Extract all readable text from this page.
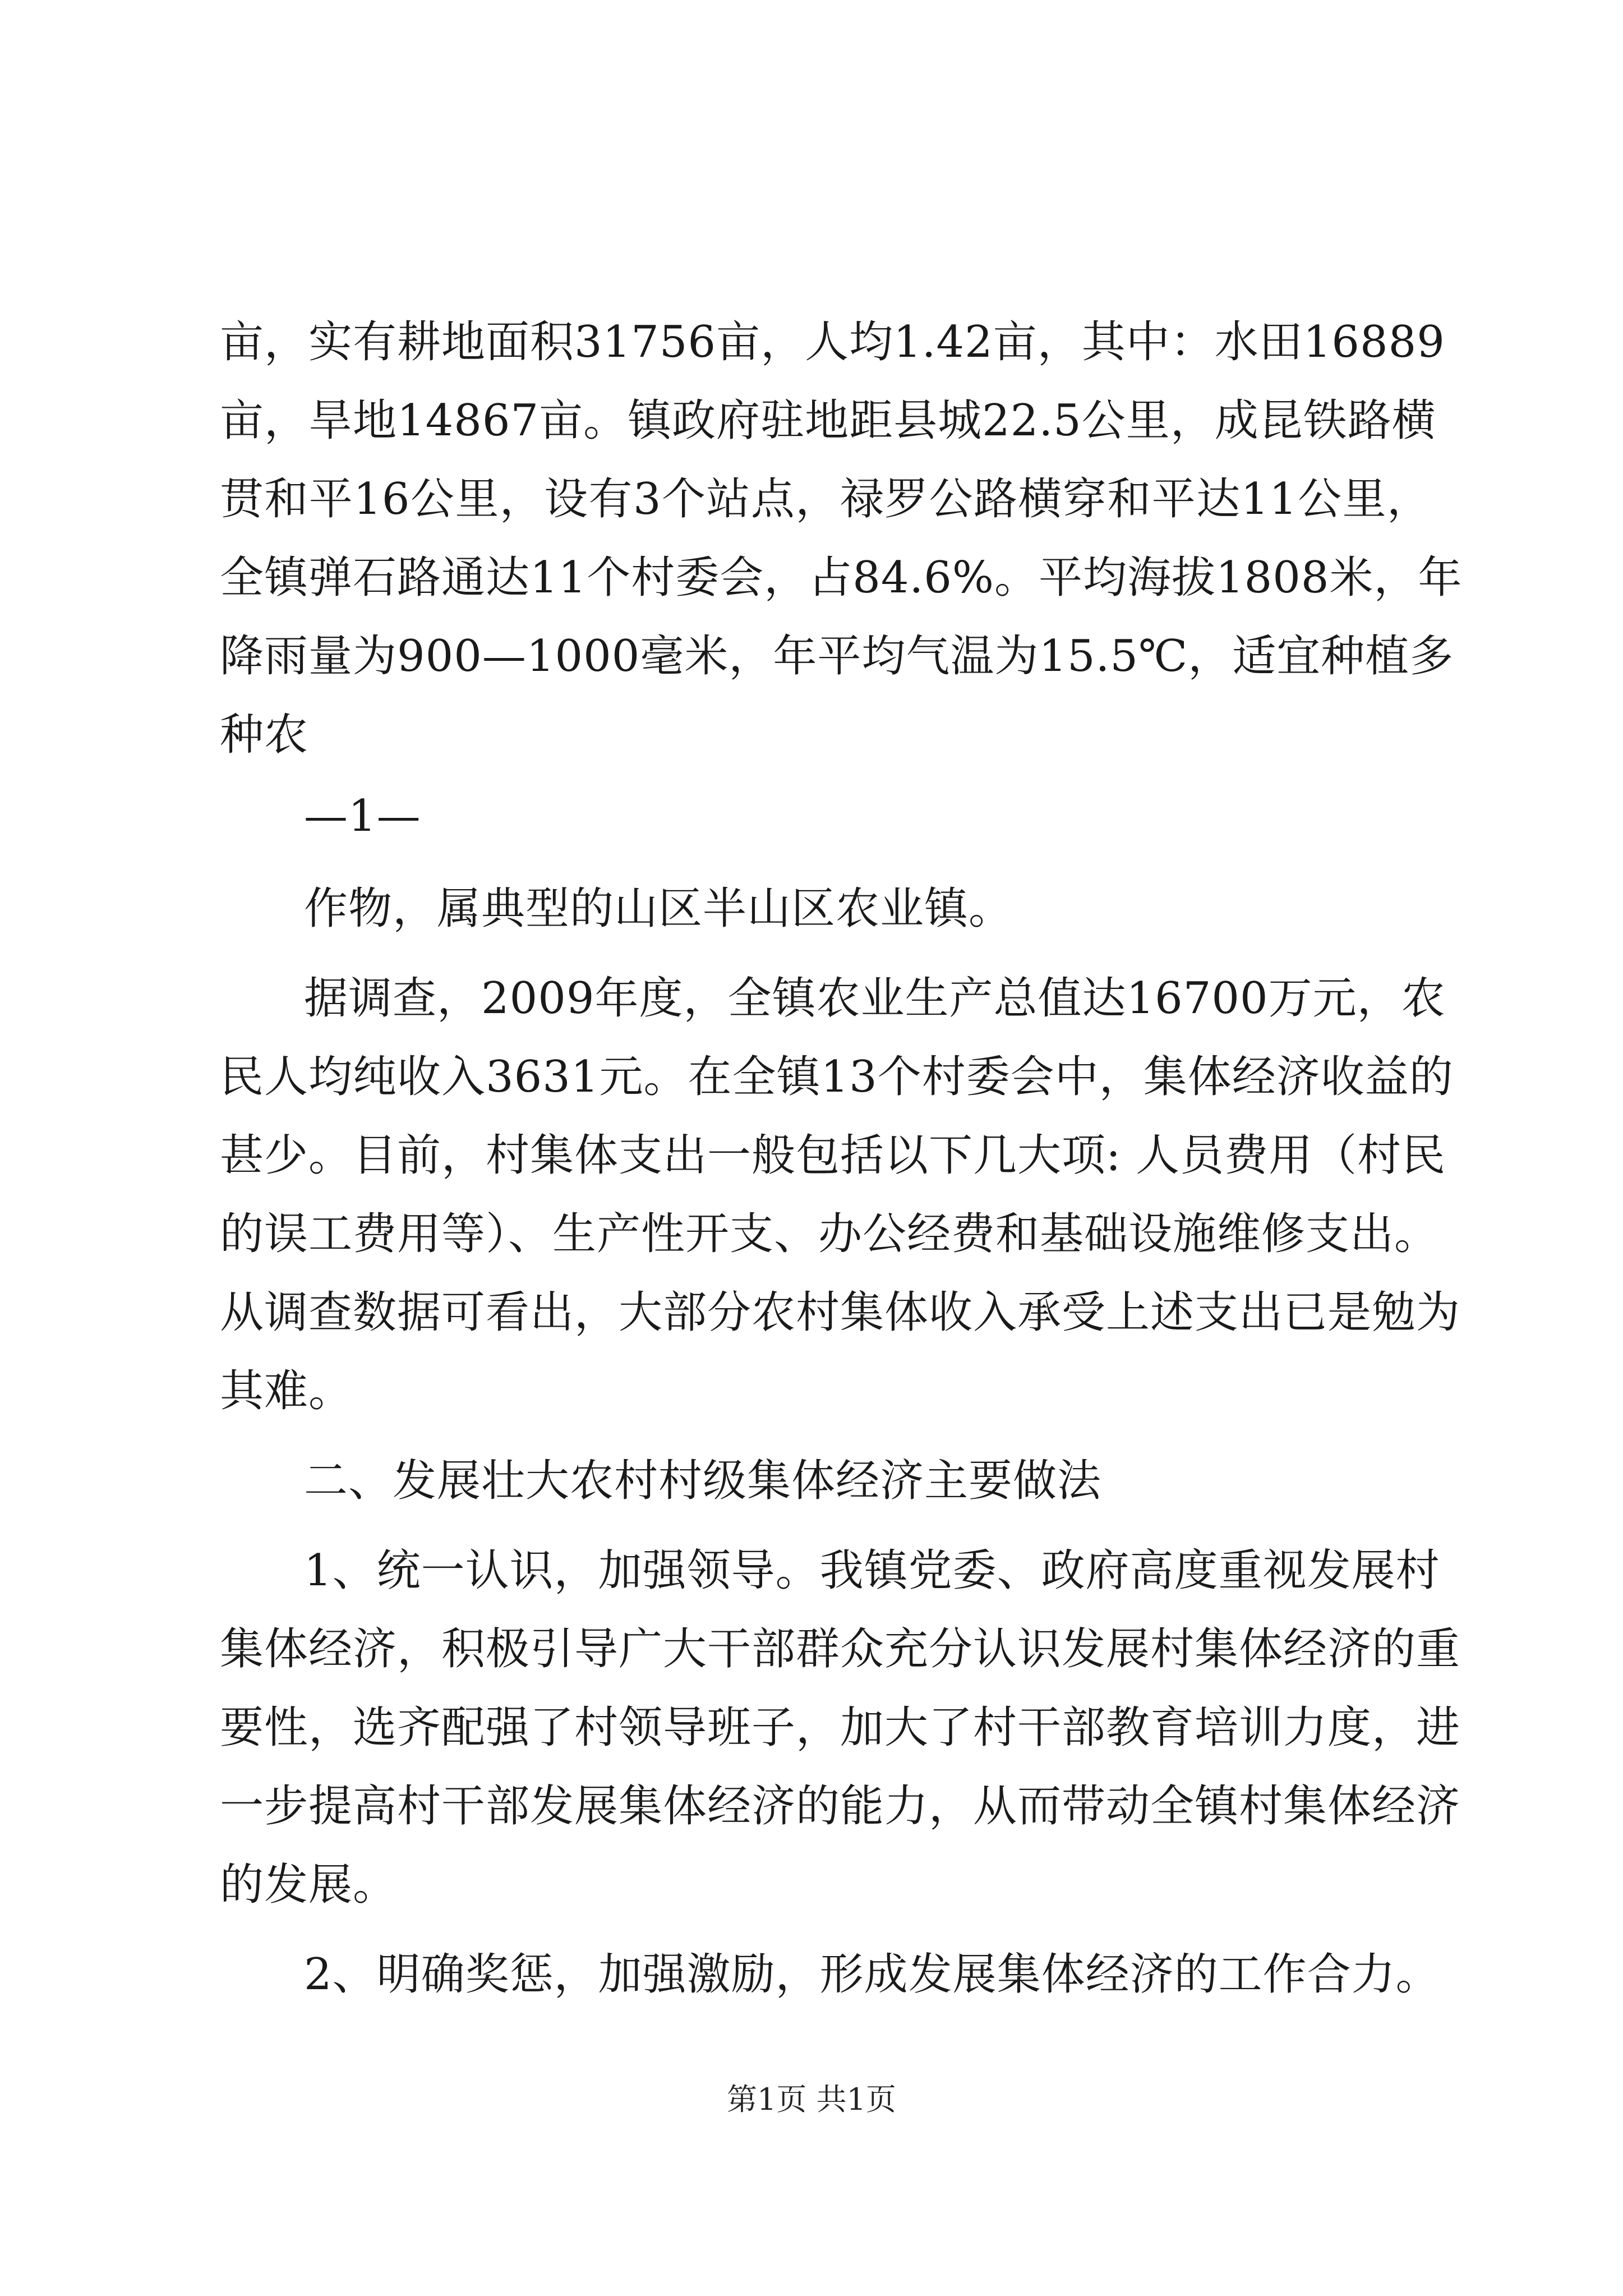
亩，实有耕地面积31756亩，人均1.42亩，其中：水田16889
亩，旱地14867亩。镇政府驻地距县城22.5公里，成昆铁路横
贯和平16公里，设有3个站点，禄罗公路横穿和平达11公里，
全镇弹石路通达11个村委会，占84.6%。平均海拔1808米，年
降雨量为900—1000毫米，年平均气温为15.5℃，适宜种植多
种农
—1—
作物，属典型的山区半山区农业镇。
据调查，2009年度，全镇农业生产总值达16700万元，农
民人均纯收入3631元。在全镇13个村委会中，集体经济收益的
甚少。目前，村集体支出一般包括以下几大项: 人员费用（村民
的误工费用等）、生产性开支、办公经费和基础设施维修支出。
从调查数据可看出，大部分农村集体收入承受上述支出已是勉为
其难。
二、发展壮大农村村级集体经济主要做法
1、统一认识，加强领导。我镇党委、政府高度重视发展村
集体经济，积极引导广大干部群众充分认识发展村集体经济的重
要性，选齐配强了村领导班子，加大了村干部教育培训力度，进
一步提高村干部发展集体经济的能力，从而带动全镇村集体经济
的发展。
2、明确奖惩，加强激励，形成发展集体经济的工作合力。
第1页 共1页
